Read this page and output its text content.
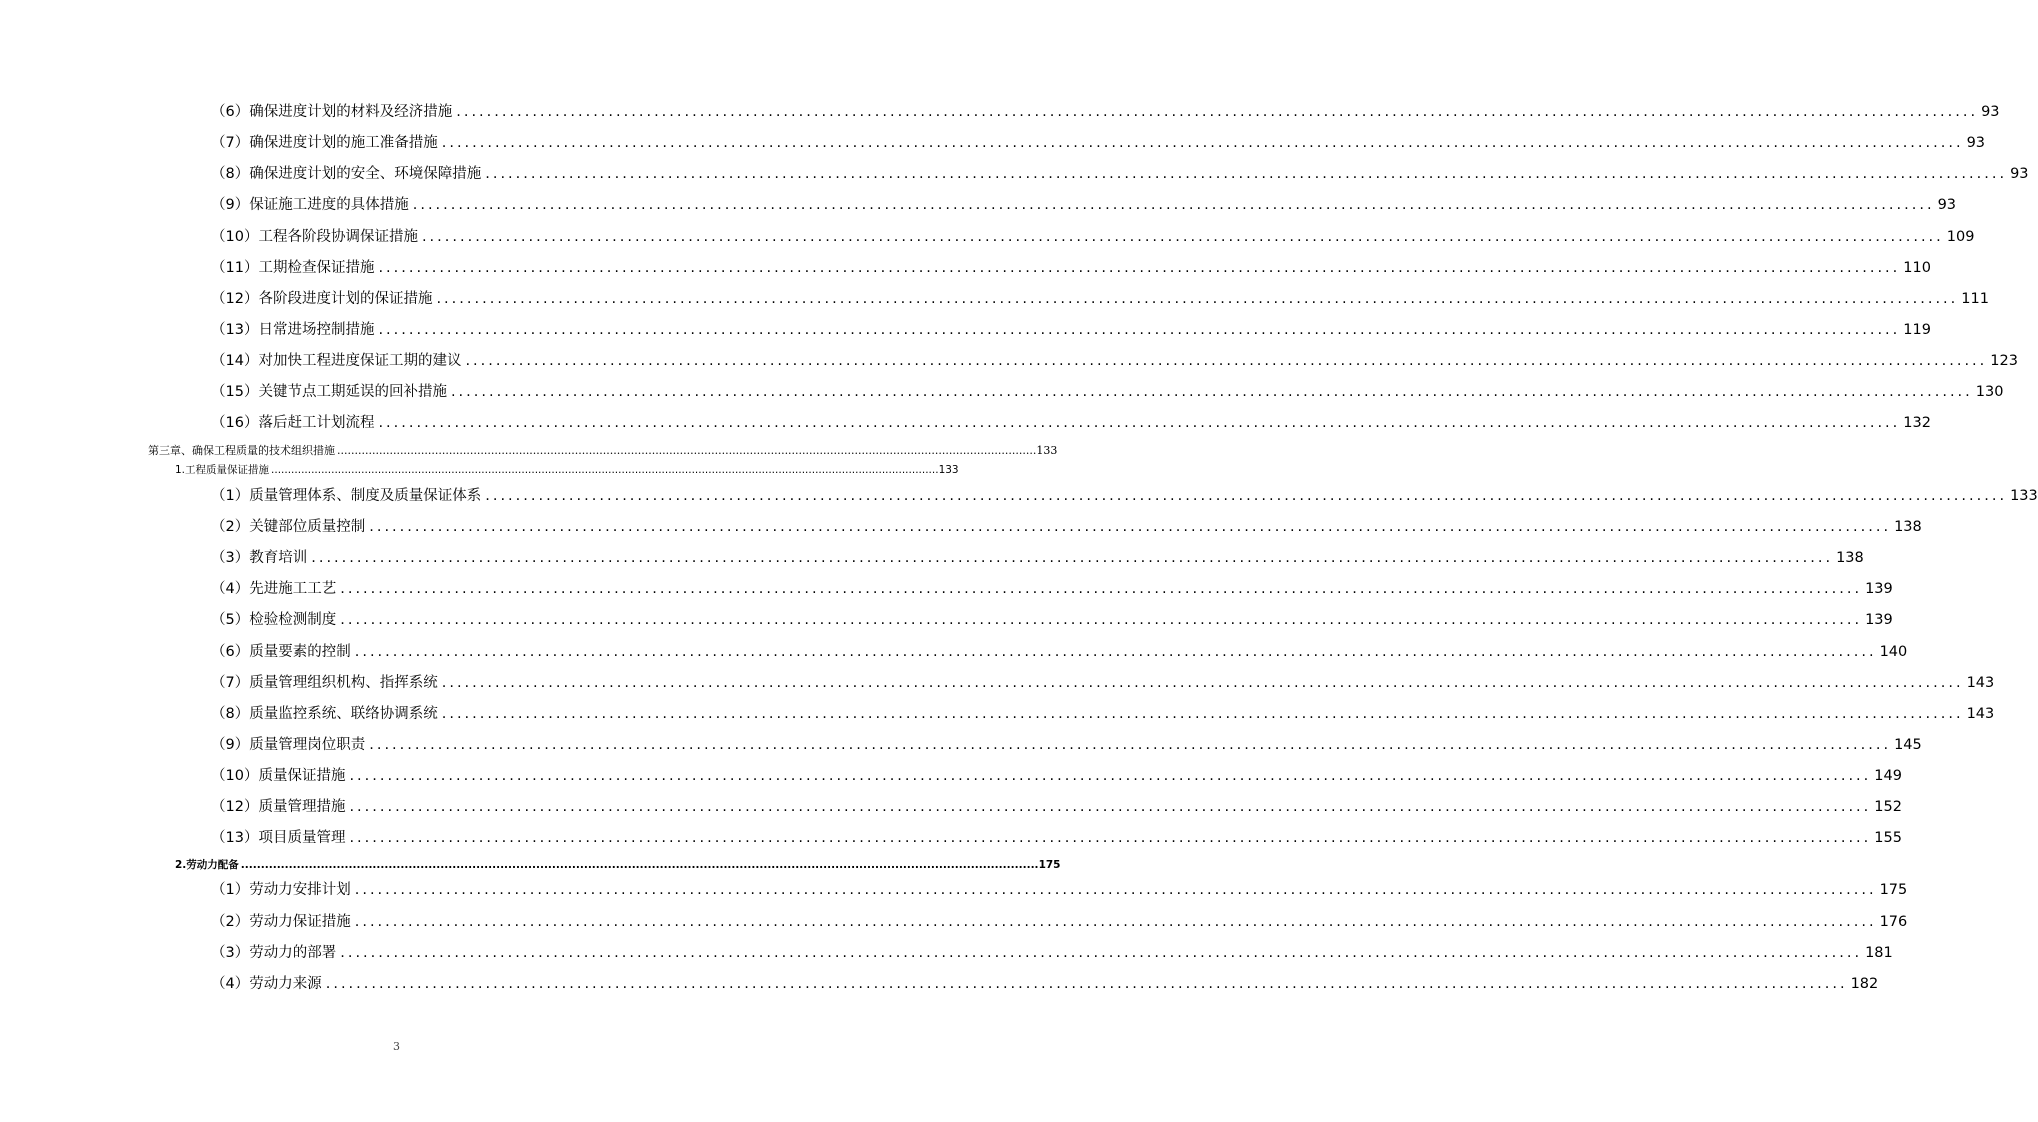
（6）确保进度计划的材料及经济措施 ........................................................................................................................................................................................................ 93
（7）确保进度计划的施工准备措施 ........................................................................................................................................................................................................ 93
（8）确保进度计划的安全、环境保障措施 ........................................................................................................................................................................................................ 93
（9）保证施工进度的具体措施 ........................................................................................................................................................................................................ 93
（10）工程各阶段协调保证措施 ........................................................................................................................................................................................................ 109
（11）工期检查保证措施 ........................................................................................................................................................................................................ 110
（12）各阶段进度计划的保证措施 ........................................................................................................................................................................................................ 111
（13）日常进场控制措施 ........................................................................................................................................................................................................ 119
（14）对加快工程进度保证工期的建议 ........................................................................................................................................................................................................ 123
（15）关键节点工期延误的回补措施 ........................................................................................................................................................................................................ 130
（16）落后赶工计划流程 ........................................................................................................................................................................................................ 132
第三章、确保工程质量的技术组织措施 ........................................................................................................................................................................................................ 133
1.工程质量保证措施 ........................................................................................................................................................................................................ 133
（1）质量管理体系、制度及质量保证体系 ........................................................................................................................................................................................................ 133
（2）关键部位质量控制 ........................................................................................................................................................................................................ 138
（3）教育培训 ........................................................................................................................................................................................................ 138
（4）先进施工工艺 ........................................................................................................................................................................................................ 139
（5）检验检测制度 ........................................................................................................................................................................................................ 139
（6）质量要素的控制 ........................................................................................................................................................................................................ 140
（7）质量管理组织机构、指挥系统 ........................................................................................................................................................................................................ 143
（8）质量监控系统、联络协调系统 ........................................................................................................................................................................................................ 143
（9）质量管理岗位职责 ........................................................................................................................................................................................................ 145
（10）质量保证措施 ........................................................................................................................................................................................................ 149
（12）质量管理措施 ........................................................................................................................................................................................................ 152
（13）项目质量管理 ........................................................................................................................................................................................................ 155
2.劳动力配备 ........................................................................................................................................................................................................ 175
（1）劳动力安排计划 ........................................................................................................................................................................................................ 175
（2）劳动力保证措施 ........................................................................................................................................................................................................ 176
（3）劳动力的部署 ........................................................................................................................................................................................................ 181
（4）劳动力来源 ........................................................................................................................................................................................................ 182
3
